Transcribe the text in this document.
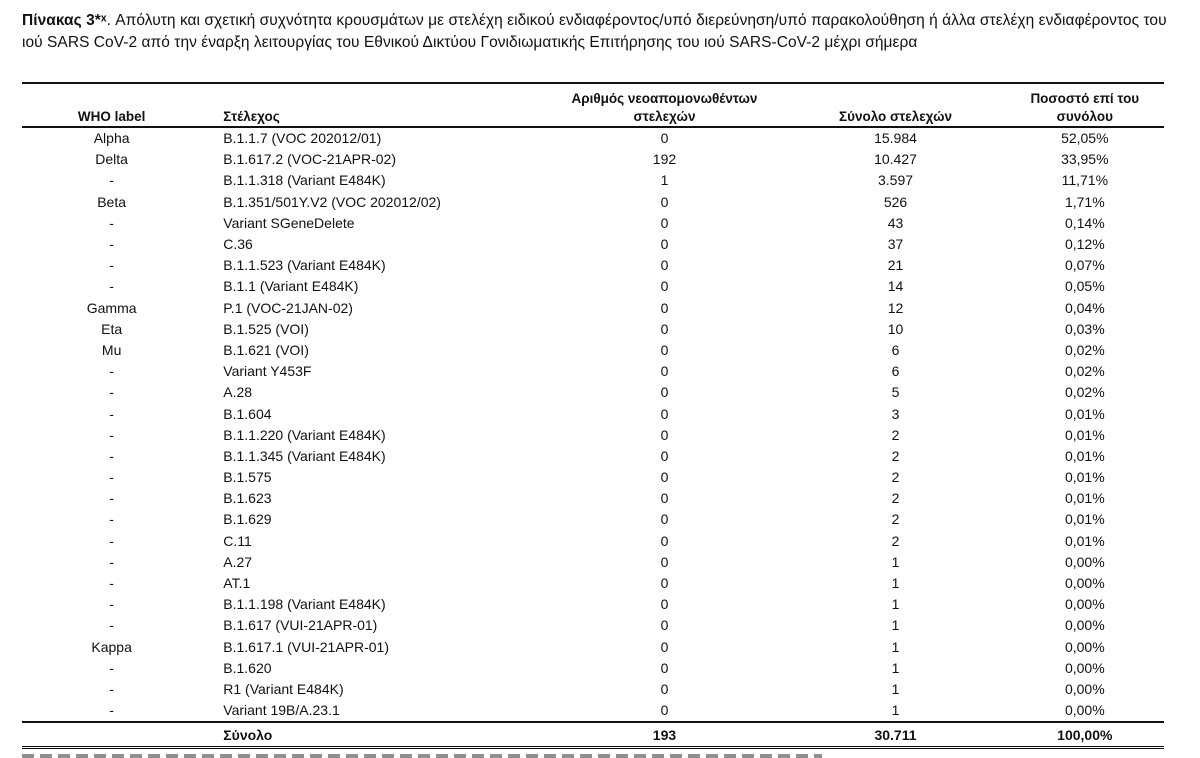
Πίνακας 3*ˣ. Απόλυτη και σχετική συχνότητα κρουσμάτων με στελέχη ειδικού ενδιαφέροντος/υπό διερεύνηση/υπό παρακολούθηση ή άλλα στελέχη ενδιαφέροντος του ιού SARS CoV-2 από την έναρξη λειτουργίας του Εθνικού Δικτύου Γονιδιωματικής Επιτήρησης του ιού SARS-CoV-2 μέχρι σήμερα
WHO label	Στέλεχος	Αριθμός νεοαπομονωθέντων στελεχών	Σύνολο στελεχών	Ποσοστό επί του συνόλου
Alpha	B.1.1.7 (VOC 202012/01)	0	15.984	52,05%
Delta	B.1.617.2 (VOC-21APR-02)	192	10.427	33,95%
-	B.1.1.318 (Variant E484K)	1	3.597	11,71%
Beta	B.1.351/501Y.V2 (VOC 202012/02)	0	526	1,71%
-	Variant SGeneDelete	0	43	0,14%
-	C.36	0	37	0,12%
-	B.1.1.523 (Variant E484K)	0	21	0,07%
-	B.1.1 (Variant E484K)	0	14	0,05%
Gamma	P.1 (VOC-21JAN-02)	0	12	0,04%
Eta	B.1.525 (VOI)	0	10	0,03%
Mu	B.1.621 (VOI)	0	6	0,02%
-	Variant Y453F	0	6	0,02%
-	A.28	0	5	0,02%
-	B.1.604	0	3	0,01%
-	B.1.1.220 (Variant E484K)	0	2	0,01%
-	B.1.1.345 (Variant E484K)	0	2	0,01%
-	B.1.575	0	2	0,01%
-	B.1.623	0	2	0,01%
-	B.1.629	0	2	0,01%
-	C.11	0	2	0,01%
-	A.27	0	1	0,00%
-	AT.1	0	1	0,00%
-	B.1.1.198 (Variant E484K)	0	1	0,00%
-	B.1.617 (VUI-21APR-01)	0	1	0,00%
Kappa	B.1.617.1 (VUI-21APR-01)	0	1	0,00%
-	B.1.620	0	1	0,00%
-	R1 (Variant E484K)	0	1	0,00%
-	Variant 19B/A.23.1	0	1	0,00%
	Σύνολο	193	30.711	100,00%
